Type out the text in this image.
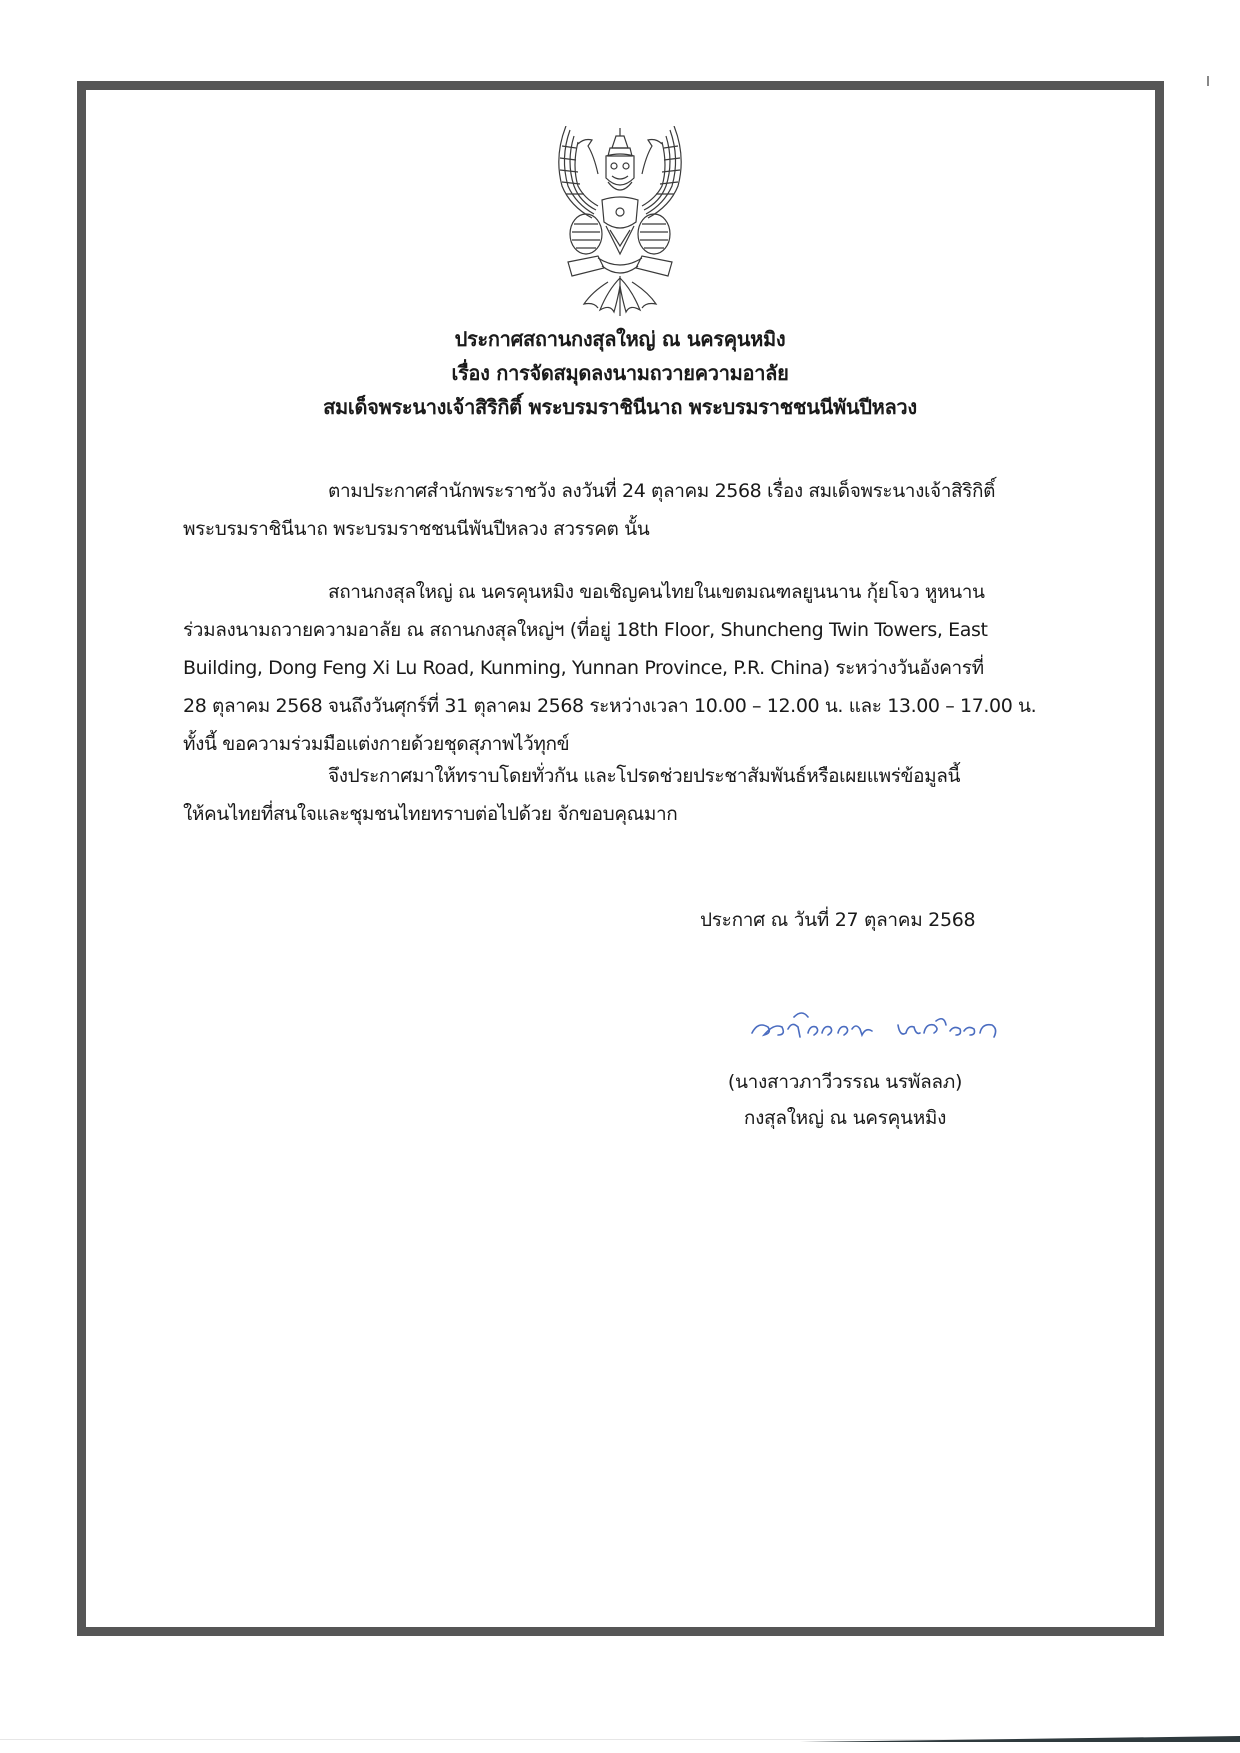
ประกาศสถานกงสุลใหญ่ ณ นครคุนหมิง
เรื่อง การจัดสมุดลงนามถวายความอาลัย
สมเด็จพระนางเจ้าสิริกิติ์ พระบรมราชินีนาถ พระบรมราชชนนีพันปีหลวง
ตามประกาศสำนักพระราชวัง ลงวันที่ 24 ตุลาคม 2568 เรื่อง สมเด็จพระนางเจ้าสิริกิติ์
พระบรมราชินีนาถ พระบรมราชชนนีพันปีหลวง สวรรคต นั้น
สถานกงสุลใหญ่ ณ นครคุนหมิง ขอเชิญคนไทยในเขตมณฑลยูนนาน กุ้ยโจว หูหนาน
ร่วมลงนามถวายความอาลัย ณ สถานกงสุลใหญ่ฯ (ที่อยู่ 18th Floor, Shuncheng Twin Towers, East
Building, Dong Feng Xi Lu Road, Kunming, Yunnan Province, P.R. China) ระหว่างวันอังคารที่
28 ตุลาคม 2568 จนถึงวันศุกร์ที่ 31 ตุลาคม 2568 ระหว่างเวลา 10.00 – 12.00 น. และ 13.00 – 17.00 น.
ทั้งนี้ ขอความร่วมมือแต่งกายด้วยชุดสุภาพไว้ทุกข์
จึงประกาศมาให้ทราบโดยทั่วกัน และโปรดช่วยประชาสัมพันธ์หรือเผยแพร่ข้อมูลนี้
ให้คนไทยที่สนใจและชุมชนไทยทราบต่อไปด้วย จักขอบคุณมาก
ประกาศ ณ วันที่ 27 ตุลาคม 2568
(นางสาวภาวีวรรณ นรพัลลภ)
กงสุลใหญ่ ณ นครคุนหมิง
